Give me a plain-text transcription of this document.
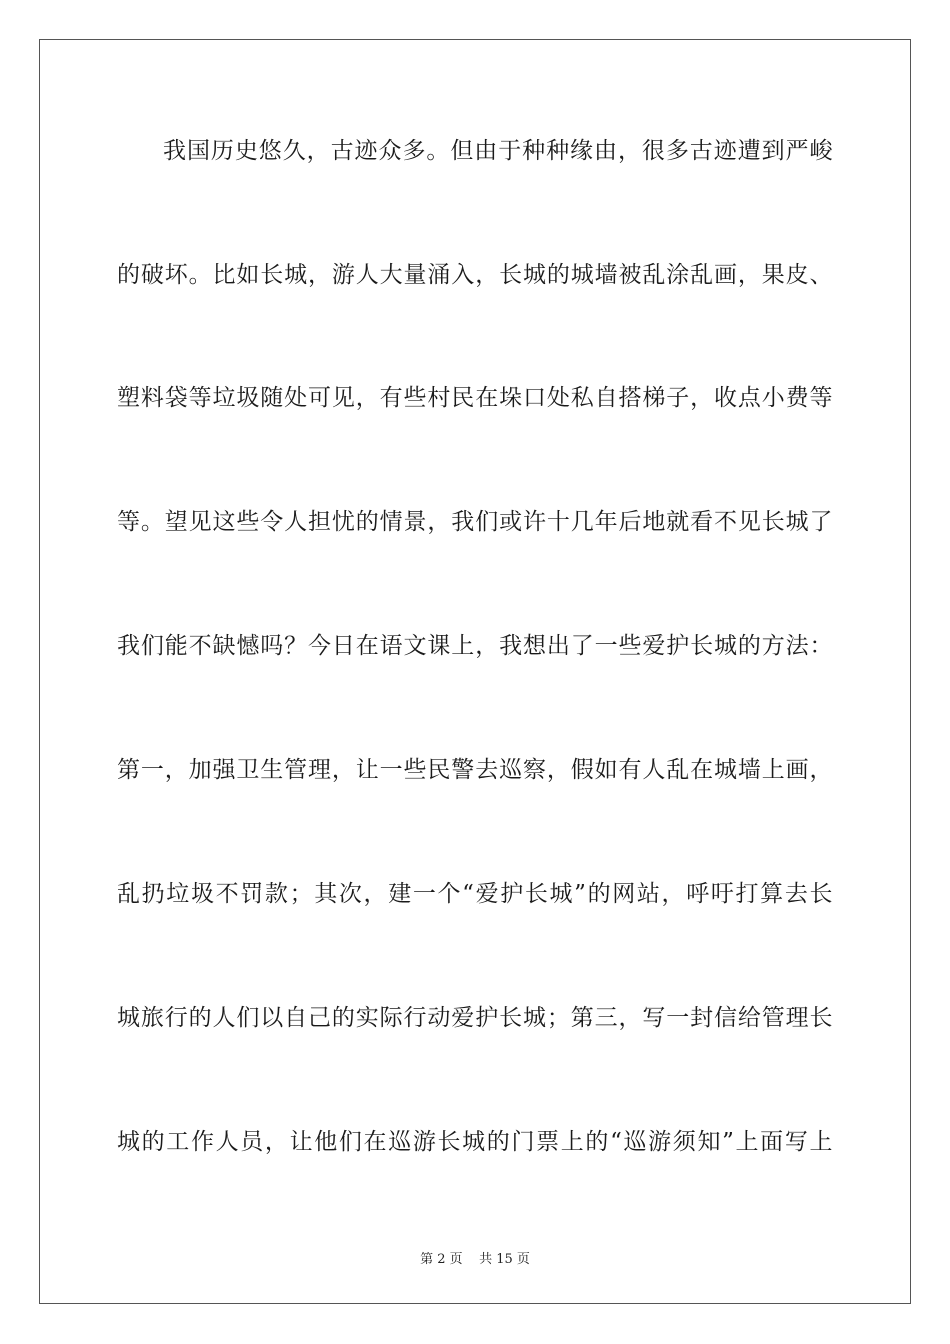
我国历史悠久，古迹众多。但由于种种缘由，很多古迹遭到严峻
的破坏。比如长城，游人大量涌入，长城的城墙被乱涂乱画，果皮、
塑料袋等垃圾随处可见，有些村民在垛口处私自搭梯子，收点小费等
等。望见这些令人担忧的情景，我们或许十几年后地就看不见长城了
我们能不缺憾吗？今日在语文课上，我想出了一些爱护长城的方法：
第一，加强卫生管理，让一些民警去巡察，假如有人乱在城墙上画，
乱扔垃圾不罚款；其次，建一个“爱护长城”的网站，呼吁打算去长
城旅行的人们以自己的实际行动爱护长城；第三，写一封信给管理长
城的工作人员，让他们在巡游长城的门票上的“巡游须知”上面写上
第 2 页    共 15 页
